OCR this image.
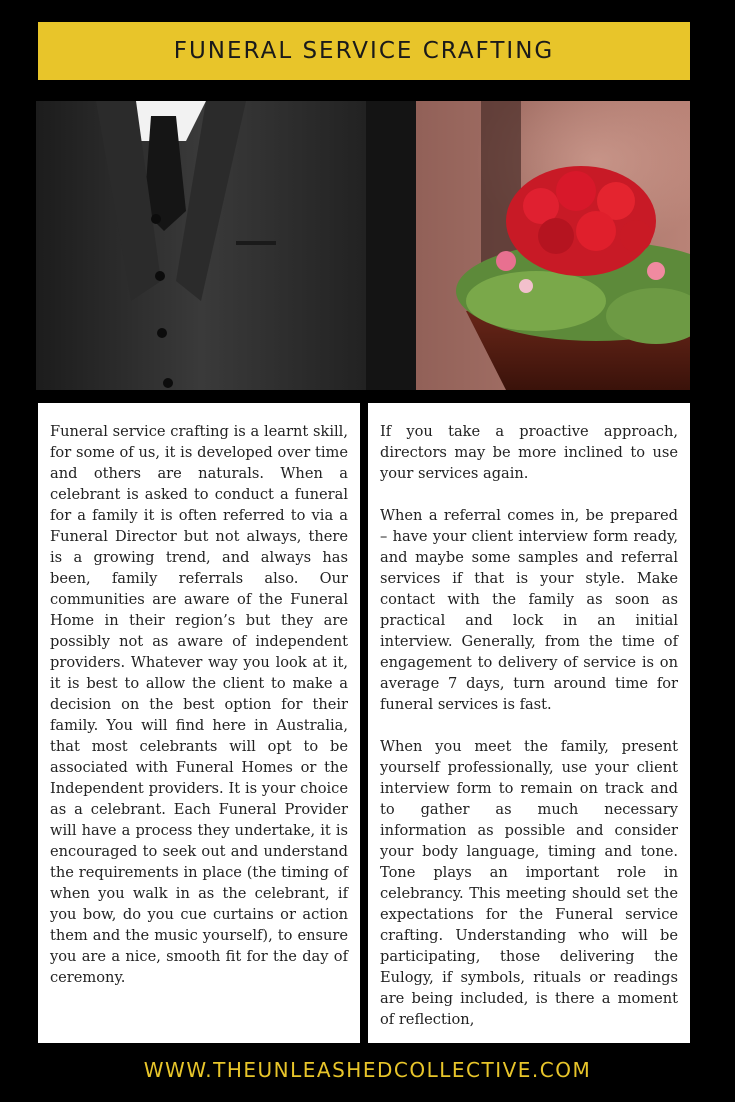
FUNERAL SERVICE CRAFTING

Funeral service crafting is a learnt skill, for some of us, it is developed over time and others are naturals. When a celebrant is asked to conduct a funeral for a family it is often referred to via a Funeral Director but not always, there is a growing trend, and always has been, family referrals also. Our communities are aware of the Funeral Home in their region’s but they are possibly not as aware of independent providers. Whatever way you look at it, it is best to allow the client to make a decision on the best option for their family. You will find here in Australia, that most celebrants will opt to be associated with Funeral Homes or the Independent providers. It is your choice as a celebrant. Each Funeral Provider will have a process they undertake, it is encouraged to seek out and understand the requirements in place (the timing of when you walk in as the celebrant, if you bow, do you cue curtains or action them and the music yourself), to ensure you are a nice, smooth fit for the day of ceremony.

If you take a proactive approach, directors may be more inclined to use your services again.

When a referral comes in, be prepared – have your client interview form ready, and maybe some samples and referral services if that is your style. Make contact with the family as soon as practical and lock in an initial interview. Generally, from the time of engagement to delivery of service is on average 7 days, turn around time for funeral services is fast.

When you meet the family, present yourself professionally, use your client interview form to remain on track and to gather as much necessary information as possible and consider your body language, timing and tone. Tone plays an important role in celebrancy. This meeting should set the expectations for the Funeral service crafting. Understanding who will be participating, those delivering the Eulogy, if symbols, rituals or readings are being included, is there a moment of reflection,

WWW.THEUNLEASHEDCOLLECTIVE.COM
